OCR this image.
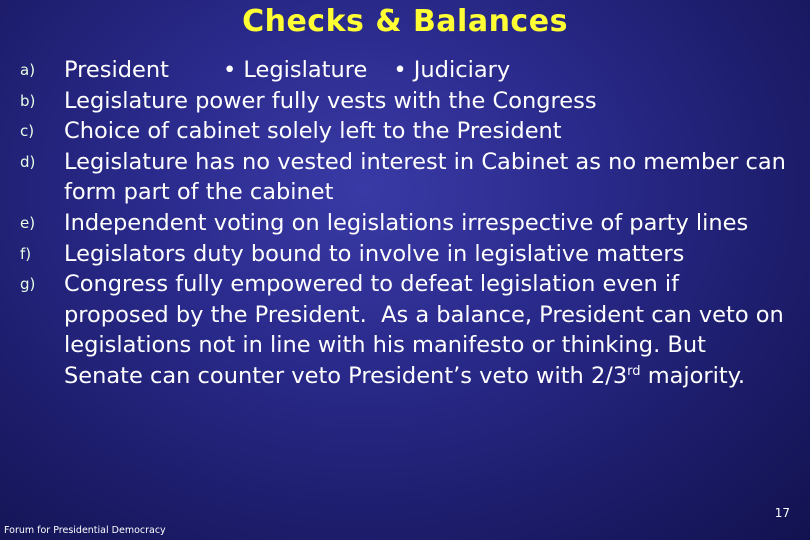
Checks & Balances
a)	President • Legislature • Judiciary
b)	Legislature power fully vests with the Congress
c)	Choice of cabinet solely left to the President
d)	Legislature has no vested interest in Cabinet as no member can form part of the cabinet
e)	Independent voting on legislations irrespective of party lines
f)	Legislators duty bound to involve in legislative matters
g)	Congress fully empowered to defeat legislation even if proposed by the President.  As a balance, President can veto on legislations not in line with his manifesto or thinking. But Senate can counter veto President’s veto with 2/3rd majority.
17
Forum for Presidential Democracy
